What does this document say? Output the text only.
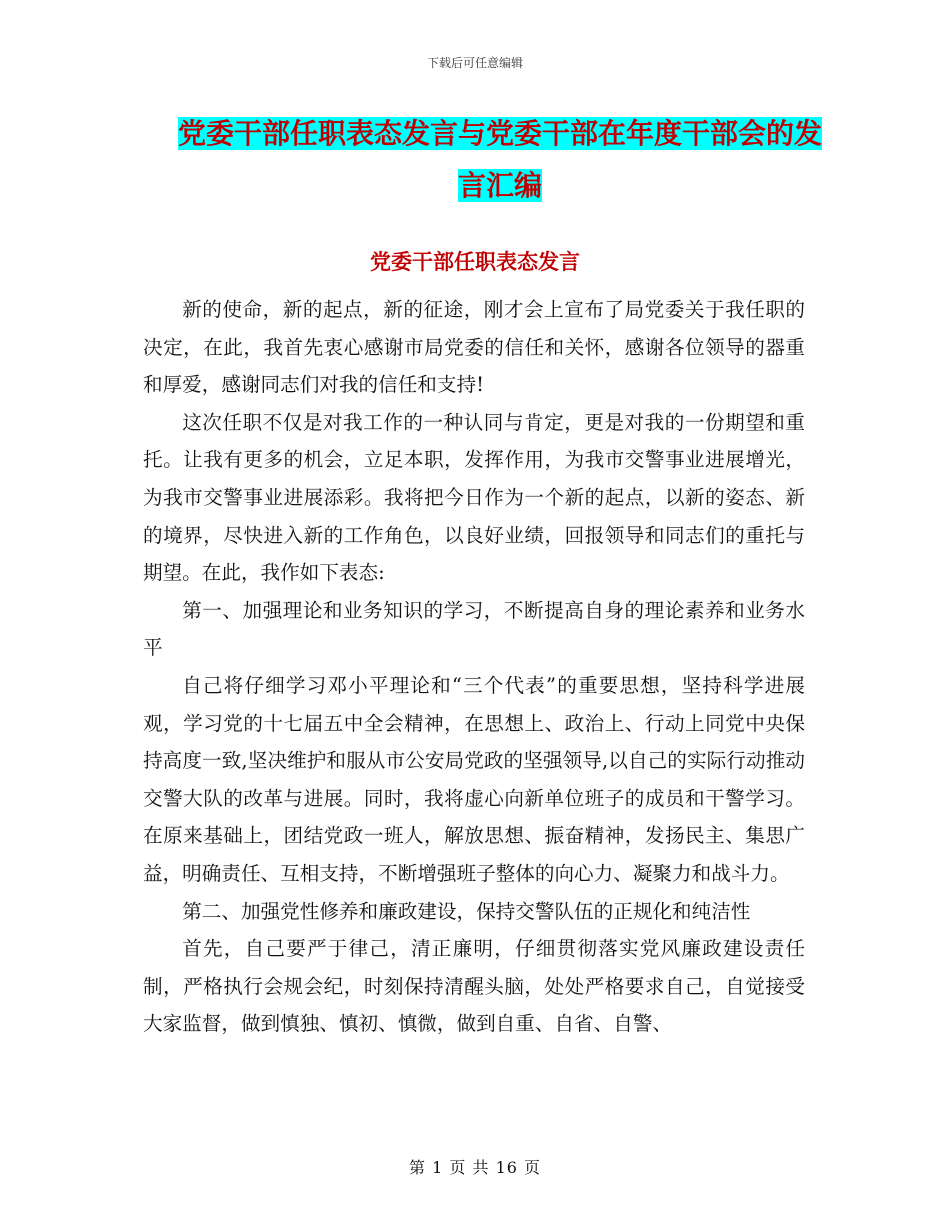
下载后可任意编辑
党委干部任职表态发言与党委干部在年度干部会的发
言汇编
党委干部任职表态发言

新的使命，新的起点，新的征途，刚才会上宣布了局党委关于我任职的决定，在此，我首先衷心感谢市局党委的信任和关怀，感谢各位领导的器重和厚爱，感谢同志们对我的信任和支持!

这次任职不仅是对我工作的一种认同与肯定，更是对我的一份期望和重托。让我有更多的机会，立足本职，发挥作用，为我市交警事业进展增光，为我市交警事业进展添彩。我将把今日作为一个新的起点，以新的姿态、新的境界，尽快进入新的工作角色，以良好业绩，回报领导和同志们的重托与期望。在此，我作如下表态:

第一、加强理论和业务知识的学习，不断提高自身的理论素养和业务水平

自己将仔细学习邓小平理论和“三个代表”的重要思想，坚持科学进展观，学习党的十七届五中全会精神，在思想上、政治上、行动上同党中央保持高度一致,坚决维护和服从市公安局党政的坚强领导,以自己的实际行动推动交警大队的改革与进展。同时，我将虚心向新单位班子的成员和干警学习。在原来基础上，团结党政一班人，解放思想、振奋精神，发扬民主、集思广益，明确责任、互相支持，不断增强班子整体的向心力、凝聚力和战斗力。

第二、加强党性修养和廉政建设，保持交警队伍的正规化和纯洁性

首先，自己要严于律己，清正廉明，仔细贯彻落实党风廉政建设责任制，严格执行会规会纪，时刻保持清醒头脑，处处严格要求自己，自觉接受大家监督，做到慎独、慎初、慎微，做到自重、自省、自警、

第 1 页 共 16 页
